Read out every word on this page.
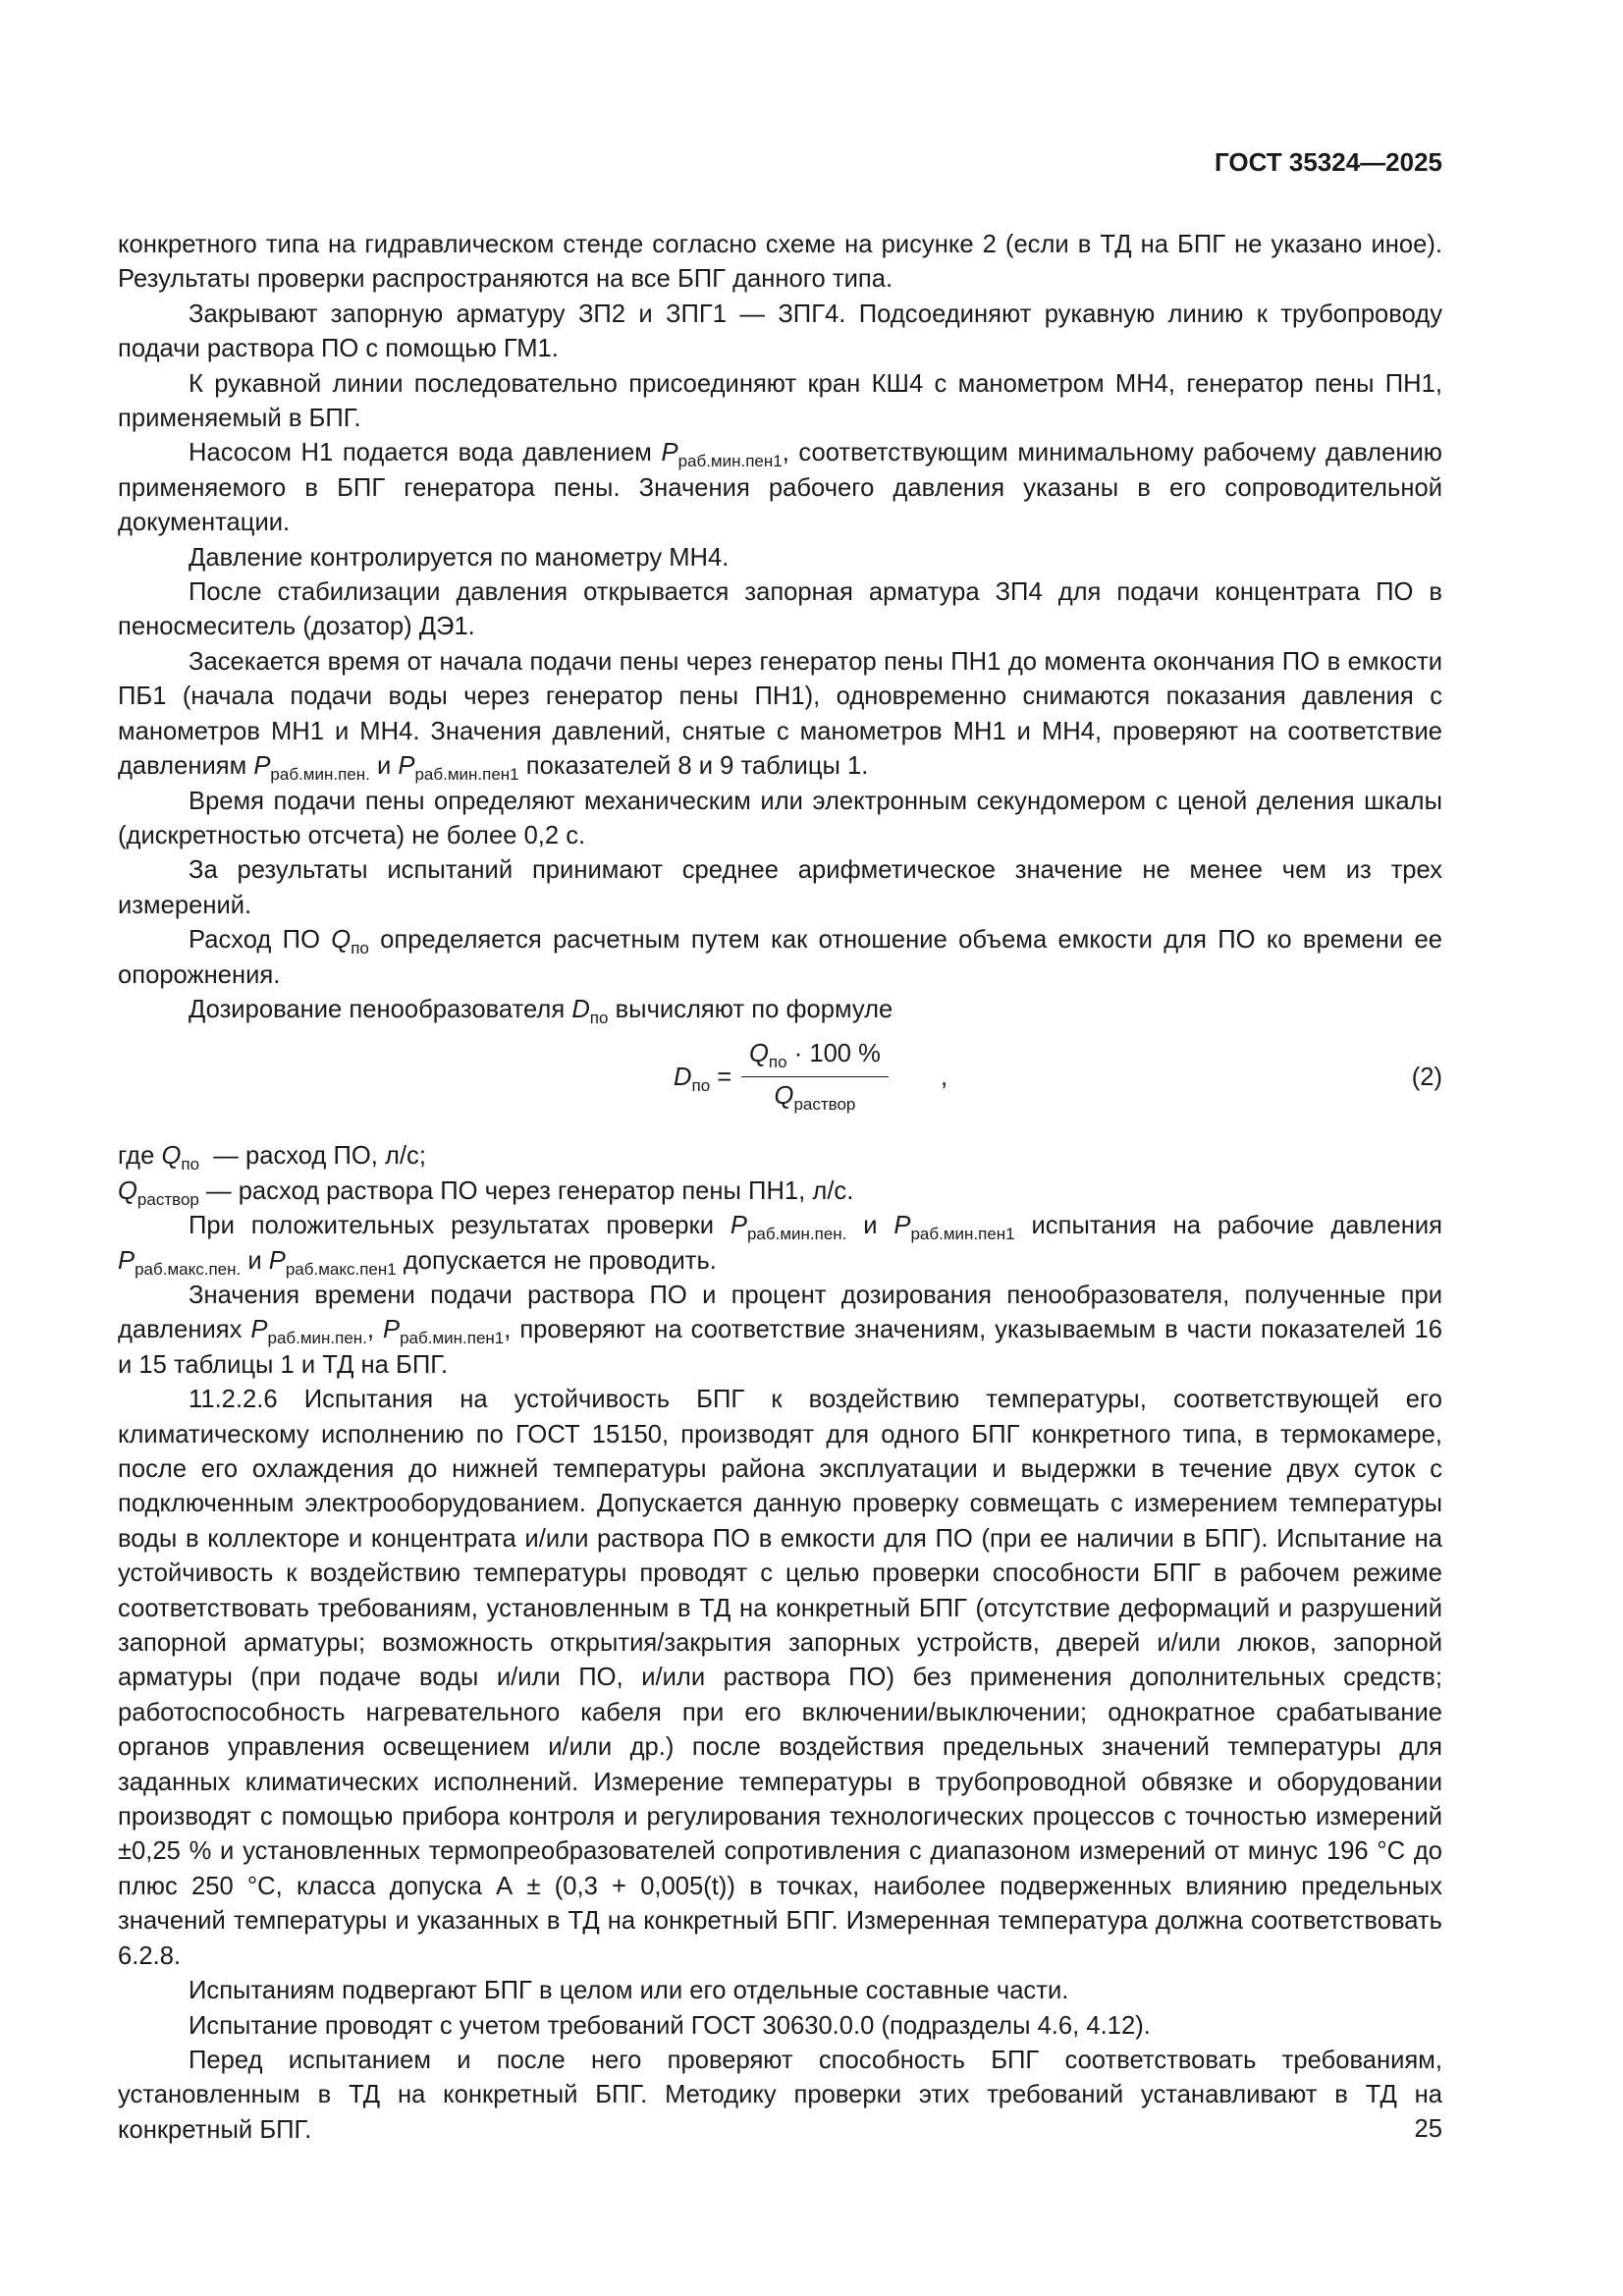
ГОСТ 35324—2025

конкретного типа на гидравлическом стенде согласно схеме на рисунке 2 (если в ТД на БПГ не указано иное). Результаты проверки распространяются на все БПГ данного типа.

Закрывают запорную арматуру ЗП2 и ЗПГ1 — ЗПГ4. Подсоединяют рукавную линию к трубопроводу подачи раствора ПО с помощью ГМ1.

К рукавной линии последовательно присоединяют кран КШ4 с манометром МН4, генератор пены ПН1, применяемый в БПГ.

Насосом Н1 подается вода давлением $P_{раб.мин.пен1}$, соответствующим минимальному рабочему давлению применяемого в БПГ генератора пены. Значения рабочего давления указаны в его сопроводительной документации.

Давление контролируется по манометру МН4.

После стабилизации давления открывается запорная арматура ЗП4 для подачи концентрата ПО в пеносмеситель (дозатор) ДЭ1.

Засекается время от начала подачи пены через генератор пены ПН1 до момента окончания ПО в емкости ПБ1 (начала подачи воды через генератор пены ПН1), одновременно снимаются показания давления с манометров МН1 и МН4. Значения давлений, снятые с манометров МН1 и МН4, проверяют на соответствие давлениям $P_{раб.мин.пен.}$ и $P_{раб.мин.пен1}$ показателей 8 и 9 таблицы 1.

Время подачи пены определяют механическим или электронным секундомером с ценой деления шкалы (дискретностью отсчета) не более 0,2 с.

За результаты испытаний принимают среднее арифметическое значение не менее чем из трех измерений.

Расход ПО $Q_{по}$ определяется расчетным путем как отношение объема емкости для ПО ко времени ее опорожнения.

Дозирование пенообразователя $D_{по}$ вычисляют по формуле

$D_{по}$ =
$Q_{по} \cdot 100$ %
$Q_{раствор}$
,	(2)

где $Q_{по}$  — расход ПО, л/с;

$Q_{раствор}$ — расход раствора ПО через генератор пены ПН1, л/с.

При положительных результатах проверки $P_{раб.мин.пен.}$ и $P_{раб.мин.пен1}$ испытания на рабочие давления $P_{раб.макс.пен.}$ и $P_{раб.макс.пен1}$ допускается не проводить.

Значения времени подачи раствора ПО и процент дозирования пенообразователя, полученные при давлениях $P_{раб.мин.пен.}$, $P_{раб.мин.пен1}$, проверяют на соответствие значениям, указываемым в части показателей 16 и 15 таблицы 1 и ТД на БПГ.

11.2.2.6 Испытания на устойчивость БПГ к воздействию температуры, соответствующей его климатическому исполнению по ГОСТ 15150, производят для одного БПГ конкретного типа, в термокамере, после его охлаждения до нижней температуры района эксплуатации и выдержки в течение двух суток с подключенным электрооборудованием. Допускается данную проверку совмещать с измерением температуры воды в коллекторе и концентрата и/или раствора ПО в емкости для ПО (при ее наличии в БПГ). Испытание на устойчивость к воздействию температуры проводят с целью проверки способности БПГ в рабочем режиме соответствовать требованиям, установленным в ТД на конкретный БПГ (отсутствие деформаций и разрушений запорной арматуры; возможность открытия/закрытия запорных устройств, дверей и/или люков, запорной арматуры (при подаче воды и/или ПО, и/или раствора ПО) без применения дополнительных средств; работоспособность нагревательного кабеля при его включении/выключении; однократное срабатывание органов управления освещением и/или др.) после воздействия предельных значений температуры для заданных климатических исполнений. Измерение температуры в трубопроводной обвязке и оборудовании производят с помощью прибора контроля и регулирования технологических процессов с точностью измерений ±0,25 % и установленных термопреобразователей сопротивления с диапазоном измерений от минус 196 °С до плюс 250 °С, класса допуска А ± (0,3 + 0,005(t)) в точках, наиболее подверженных влиянию предельных значений температуры и указанных в ТД на конкретный БПГ. Измеренная температура должна соответствовать 6.2.8.

Испытаниям подвергают БПГ в целом или его отдельные составные части.

Испытание проводят с учетом требований ГОСТ 30630.0.0 (подразделы 4.6, 4.12).

Перед испытанием и после него проверяют способность БПГ соответствовать требованиям, установленным в ТД на конкретный БПГ. Методику проверки этих требований устанавливают в ТД на конкретный БПГ.	25
